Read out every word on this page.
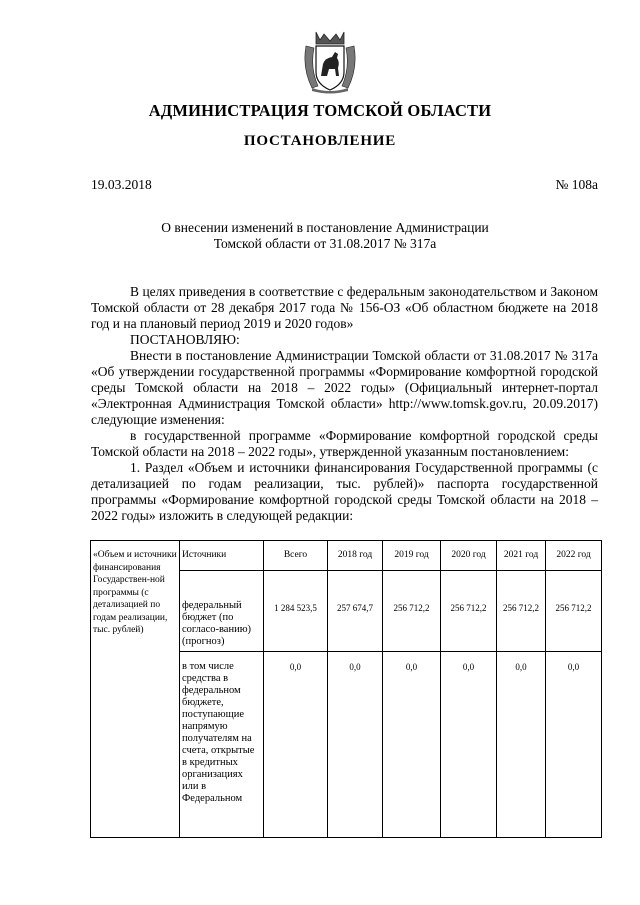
АДМИНИСТРАЦИЯ ТОМСКОЙ ОБЛАСТИ
ПОСТАНОВЛЕНИЕ
19.03.2018	№ 108а
О внесении изменений в постановление Администрации
Томской области от 31.08.2017 № 317а

В целях приведения в соответствие с федеральным законодательством и Законом Томской области от 28 декабря 2017 года № 156-ОЗ «Об областном бюджете на 2018 год и на плановый период 2019 и 2020 годов»

ПОСТАНОВЛЯЮ:

Внести в постановление Администрации Томской области от 31.08.2017 № 317а «Об утверждении государственной программы «Формирование комфортной городской среды Томской области на 2018 – 2022 годы» (Официальный интернет-портал «Электронная Администрация Томской области» http://www.tomsk.gov.ru, 20.09.2017) следующие изменения:

в государственной программе «Формирование комфортной городской среды Томской области на 2018 – 2022 годы», утвержденной указанным постановлением:

1. Раздел «Объем и источники финансирования Государственной программы (с детализацией по годам реализации, тыс. рублей)» паспорта государственной программы «Формирование комфортной городской среды Томской области на 2018 – 2022 годы» изложить в следующей редакции:

«Объем и источники финансирования Государствен-ной программы (с детализацией по годам реализации, тыс. рублей)	Источники	Всего	2018 год	2019 год	2020 год	2021 год	2022 год
	федеральный бюджет (по согласо-ванию) (прогноз)	1 284 523,5	257 674,7	256 712,2	256 712,2	256 712,2	256 712,2
	в том числе средства в федеральном бюджете, поступающие напрямую получателям на счета, открытые в кредитных организациях или в Федеральном	0,0	0,0	0,0	0,0	0,0	0,0
